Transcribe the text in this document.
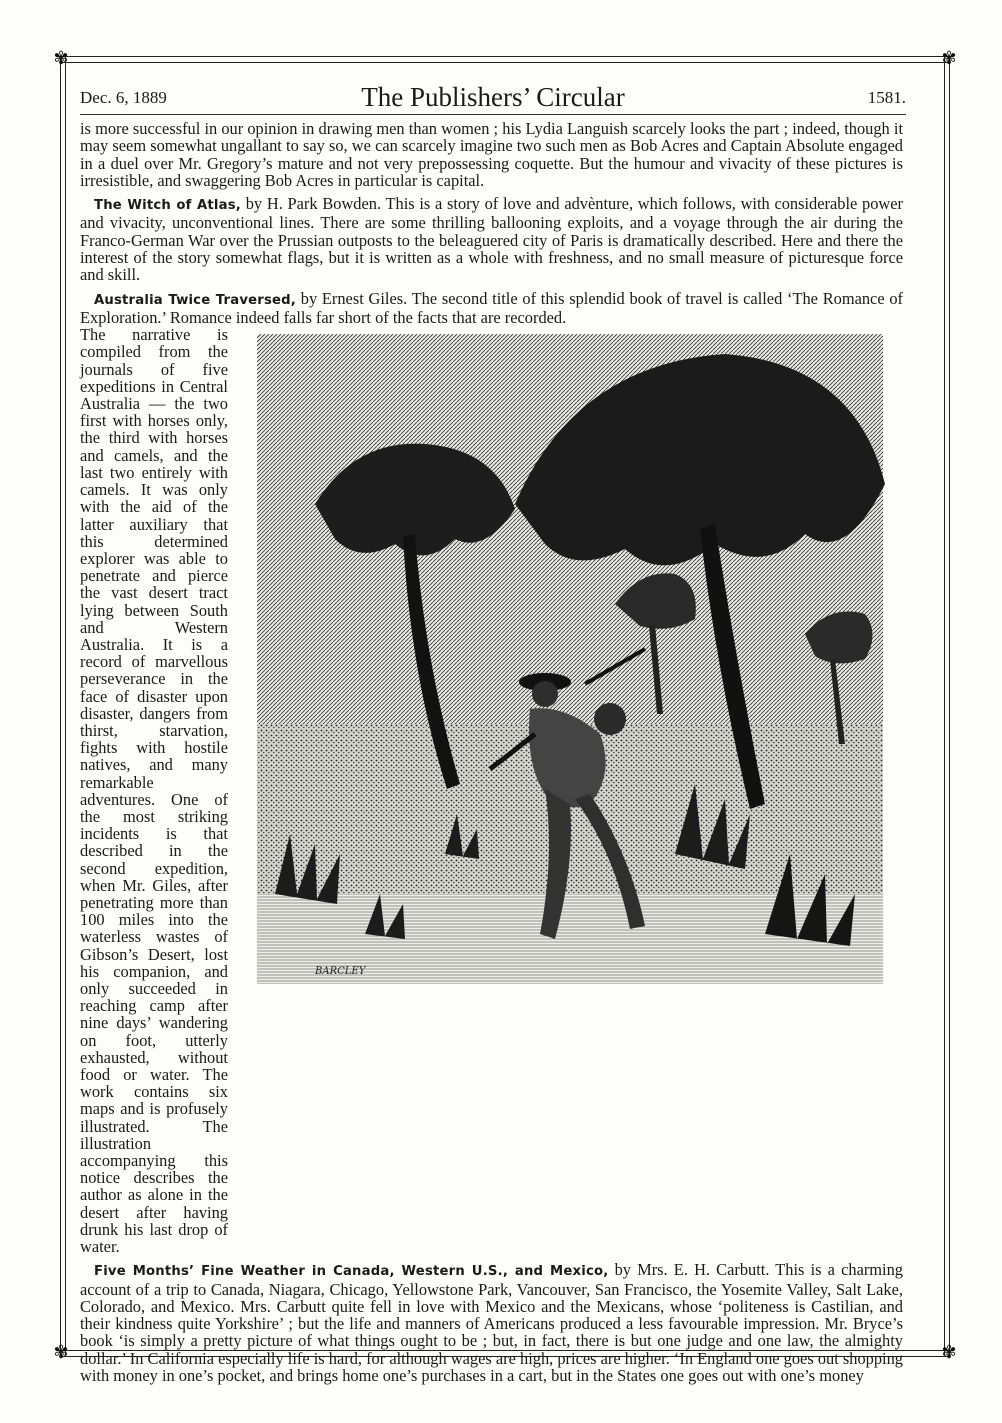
✾	✾
✾	✾
Dec. 6, 1889	The Publishers’ Circular	1581.

is more successful in our opinion in drawing men than women ; his Lydia Languish scarcely looks the part ; indeed, though it may seem somewhat ungallant to say so, we can scarcely imagine two such men as Bob Acres and Captain Absolute engaged in a duel over Mr. Gregory’s mature and not very prepossessing coquette. But the humour and vivacity of these pictures is irresistible, and swaggering Bob Acres in particular is capital.

The Witch of Atlas, by H. Park Bowden. This is a story of love and advènture, which follows, with considerable power and vivacity, unconventional lines. There are some thrilling ballooning exploits, and a voyage through the air during the Franco-German War over the Prussian outposts to the beleaguered city of Paris is dramatically described. Here and there the interest of the story somewhat flags, but it is written as a whole with freshness, and no small measure of picturesque force and skill.

Australia Twice Traversed, by Ernest Giles. The second title of this splendid book of travel is called ‘The Romance of Exploration.’ Romance indeed falls far short of the facts that are recorded.

BARCLEY
The narrative is compiled from the journals of five expeditions in Central Australia — the two first with horses only, the third with horses and camels, and the last two entirely with camels. It was only with the aid of the latter auxiliary that this determined explorer was able to penetrate and pierce the vast desert tract lying between South and Western Australia. It is a record of marvellous perseverance in the face of disaster upon disaster, dangers from thirst, starvation, fights with hostile natives, and many remarkable adventures. One of the most striking incidents is that described in the second expedition, when Mr. Giles, after penetrating more than 100 miles into the waterless wastes of Gibson’s Desert, lost his companion, and only succeeded in reaching camp after nine days’ wandering on foot, utterly exhausted, without food or water. The work contains six maps and is profusely illustrated. The illustration accompanying this notice describes the author as alone in the desert after having drunk his last drop of water.

Five Months’ Fine Weather in Canada, Western U.S., and Mexico, by Mrs. E. H. Carbutt. This is a charming account of a trip to Canada, Niagara, Chicago, Yellowstone Park, Vancouver, San Francisco, the Yosemite Valley, Salt Lake, Colorado, and Mexico. Mrs. Carbutt quite fell in love with Mexico and the Mexicans, whose ‘politeness is Castilian, and their kindness quite Yorkshire’ ; but the life and manners of Americans produced a less favourable impression. Mr. Bryce’s book ‘is simply a pretty picture of what things ought to be ; but, in fact, there is but one judge and one law, the almighty dollar.’ In California especially life is hard, for although wages are high, prices are higher. ‘In England one goes out shopping with money in one’s pocket, and brings home one’s purchases in a cart, but in the States one goes out with one’s money
